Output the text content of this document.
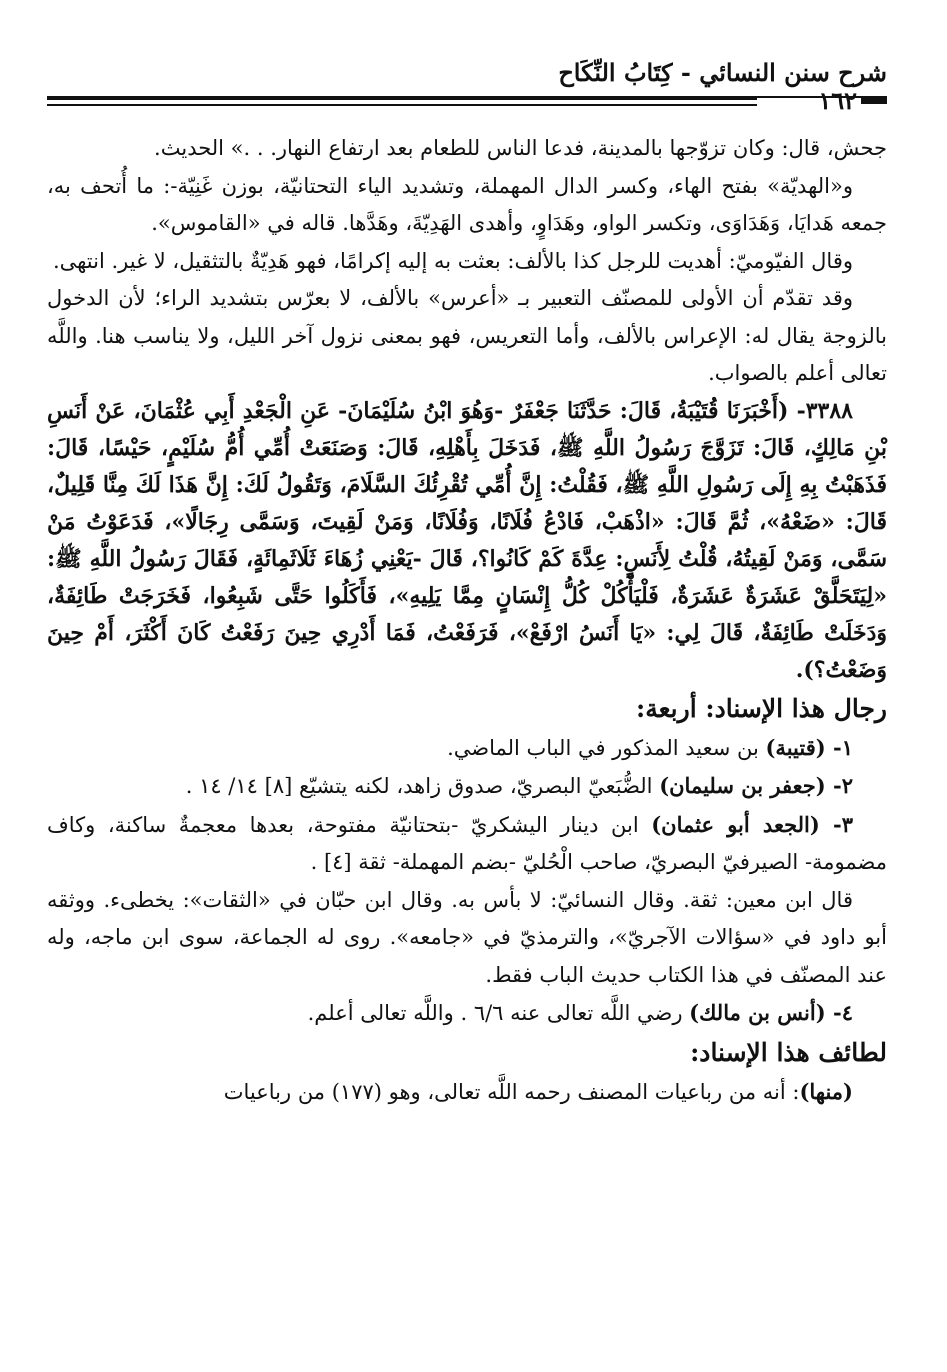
شرح سنن النسائي - كِتَابُ النِّكَاح
١٦٢

جحش، قال: وكان تزوّجها بالمدينة، فدعا الناس للطعام بعد ارتفاع النهار. . .» الحديث.

و«الهديّة» بفتح الهاء، وكسر الدال المهملة، وتشديد الياء التحتانيّة، بوزن غَنِيّة-: ما أُتحف به، جمعه هَدايَا، وَهَدَاوَى، وتكسر الواو، وهَدَاوٍ، وأهدى الهَدِيّةَ، وهَدَّها. قاله في «القاموس».

وقال الفيّوميّ: أهديت للرجل كذا بالألف: بعثت به إليه إكرامًا، فهو هَدِيّةٌ بالتثقيل، لا غير. انتهى.

وقد تقدّم أن الأولى للمصنّف التعبير بـ «أعرس» بالألف، لا بعرّس بتشديد الراء؛ لأن الدخول بالزوجة يقال له: الإعراس بالألف، وأما التعريس، فهو بمعنى نزول آخر الليل، ولا يناسب هنا. واللَّه تعالى أعلم بالصواب.

٣٣٨٨- (أَخْبَرَنَا قُتَيْبَةُ، قَالَ: حَدَّثَنَا جَعْفَرٌ -وَهُوَ ابْنُ سُلَيْمَانَ- عَنِ الْجَعْدِ أَبِي عُثْمَانَ، عَنْ أَنَسِ بْنِ مَالِكٍ، قَالَ: تَزَوَّجَ رَسُولُ اللَّهِ ﷺ، فَدَخَلَ بِأَهْلِهِ، قَالَ: وَصَنَعَتْ أُمِّي أُمُّ سُلَيْمٍ، حَيْسًا، قَالَ: فَذَهَبْتُ بِهِ إِلَى رَسُولِ اللَّهِ ﷺ، فَقُلْتُ: إِنَّ أُمِّي تُقْرِئُكَ السَّلَامَ، وَتَقُولُ لَكَ: إِنَّ هَذَا لَكَ مِنَّا قَلِيلٌ، قَالَ: «ضَعْهُ»، ثُمَّ قَالَ: «اذْهَبْ، فَادْعُ فُلَانًا، وَفُلَانًا، وَمَنْ لَقِيتَ، وَسَمَّى رِجَالًا»، فَدَعَوْتُ مَنْ سَمَّى، وَمَنْ لَقِيتُهُ، قُلْتُ لِأَنَسٍ: عِدَّةَ كَمْ كَانُوا؟، قَالَ -يَعْنِي زُهَاءَ ثَلَاثَمِائَةٍ، فَقَالَ رَسُولُ اللَّهِ ﷺ: «لِيَتَحَلَّقْ عَشَرَةٌ عَشَرَةٌ، فَلْيَأْكُلْ كُلُّ إِنْسَانٍ مِمَّا يَلِيهِ»، فَأَكَلُوا حَتَّى شَبِعُوا، فَخَرَجَتْ طَائِفَةٌ، وَدَخَلَتْ طَائِفَةٌ، قَالَ لِي: «يَا أَنَسُ ارْفَعْ»، فَرَفَعْتُ، فَمَا أَدْرِي حِينَ رَفَعْتُ كَانَ أَكْثَرَ، أَمْ حِينَ وَضَعْتُ؟).

رجال هذا الإسناد: أربعة:

١- (قتيبة) بن سعيد المذكور في الباب الماضي.

٢- (جعفر بن سليمان) الضُّبَعيّ البصريّ، صدوق زاهد، لكنه يتشيّع [٨] ١٤/ ١٤ .

٣- (الجعد أبو عثمان) ابن دينار اليشكريّ -بتحتانيّة مفتوحة، بعدها معجمةٌ ساكنة، وكاف مضمومة- الصيرفيّ البصريّ، صاحب الْحُليّ -بضم المهملة- ثقة [٤] .

قال ابن معين: ثقة. وقال النسائيّ: لا بأس به. وقال ابن حبّان في «الثقات»: يخطىء. ووثقه أبو داود في «سؤالات الآجريّ»، والترمذيّ في «جامعه». روى له الجماعة، سوى ابن ماجه، وله عند المصنّف في هذا الكتاب حديث الباب فقط.

٤- (أنس بن مالك) رضي اللَّه تعالى عنه ٦/٦ . واللَّه تعالى أعلم.

لطائف هذا الإسناد:

(منها): أنه من رباعيات المصنف رحمه اللَّه تعالى، وهو (١٧٧) من رباعيات
